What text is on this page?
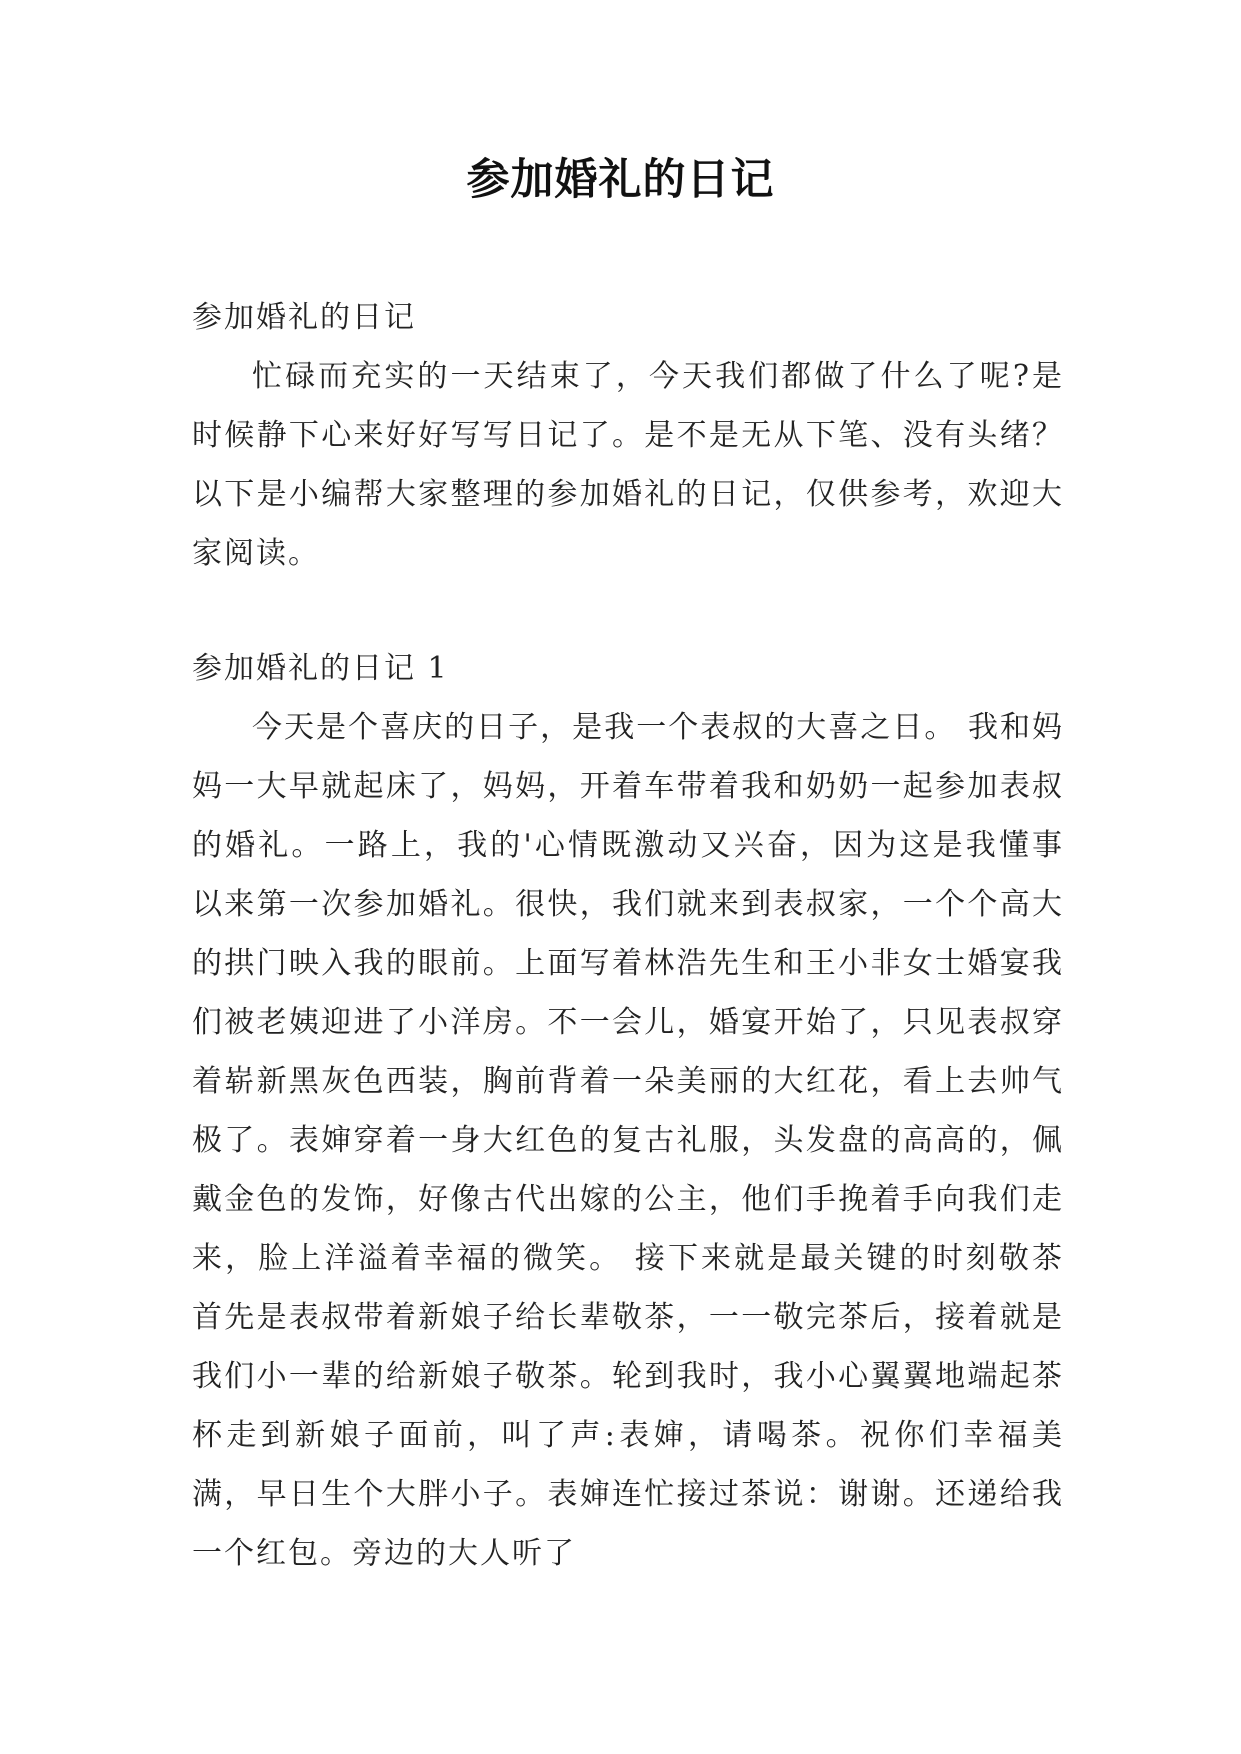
参加婚礼的日记

参加婚礼的日记

忙碌而充实的一天结束了，今天我们都做了什么了呢?是时候静下心来好好写写日记了。是不是无从下笔、没有头绪？以下是小编帮大家整理的参加婚礼的日记，仅供参考，欢迎大家阅读。

参加婚礼的日记 1

今天是个喜庆的日子，是我一个表叔的大喜之日。 我和妈妈一大早就起床了，妈妈，开着车带着我和奶奶一起参加表叔的婚礼。一路上，我的'心情既激动又兴奋，因为这是我懂事以来第一次参加婚礼。很快，我们就来到表叔家，一个个高大的拱门映入我的眼前。上面写着林浩先生和王小非女士婚宴我们被老姨迎进了小洋房。不一会儿，婚宴开始了，只见表叔穿着崭新黑灰色西装，胸前背着一朵美丽的大红花，看上去帅气极了。表婶穿着一身大红色的复古礼服，头发盘的高高的，佩戴金色的发饰，好像古代出嫁的公主，他们手挽着手向我们走来，脸上洋溢着幸福的微笑。 接下来就是最关键的时刻敬茶首先是表叔带着新娘子给长辈敬茶，一一敬完茶后，接着就是我们小一辈的给新娘子敬茶。轮到我时，我小心翼翼地端起茶杯走到新娘子面前，叫了声:表婶，请喝茶。祝你们幸福美满，早日生个大胖小子。表婶连忙接过茶说：谢谢。还递给我一个红包。旁边的大人听了
